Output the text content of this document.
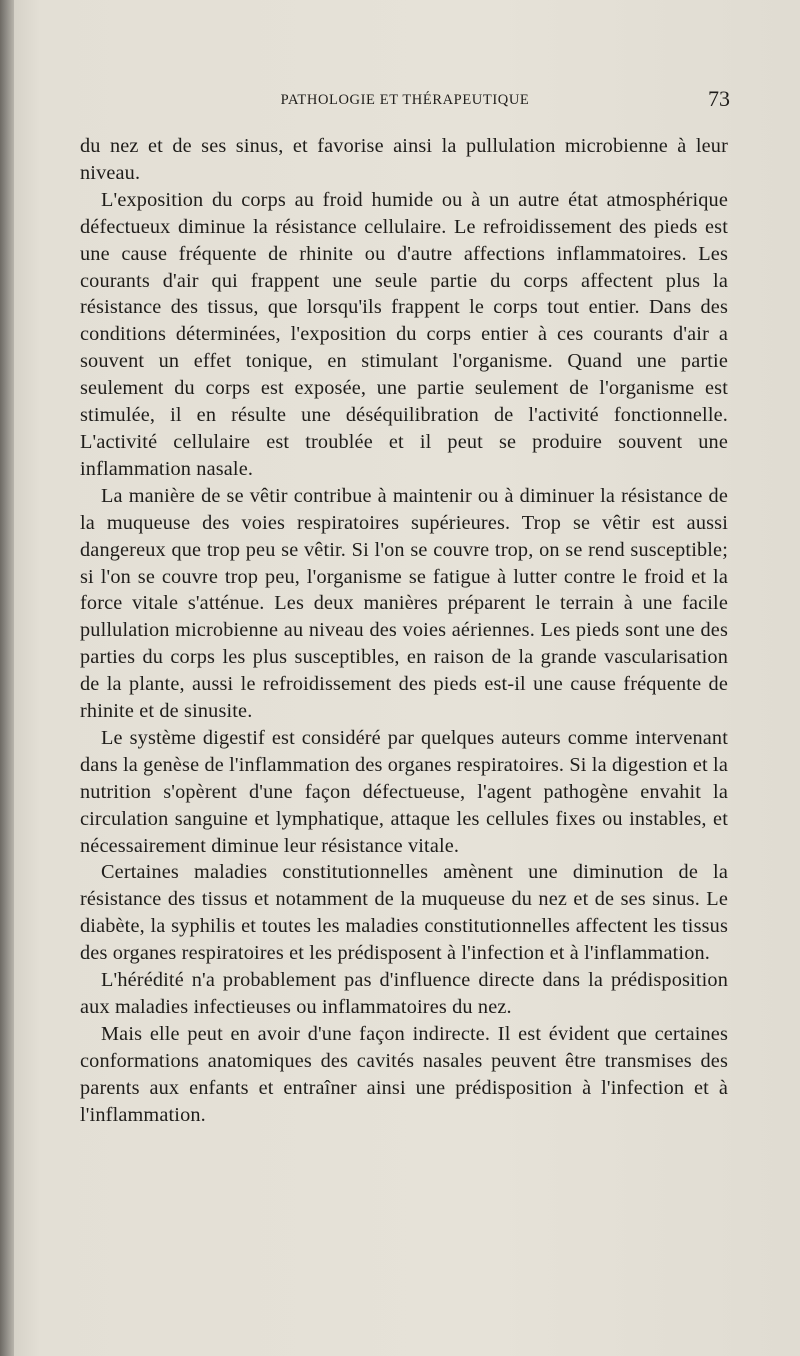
PATHOLOGIE ET THÉRAPEUTIQUE	73

du nez et de ses sinus, et favorise ainsi la pullulation microbienne à leur niveau.

L'exposition du corps au froid humide ou à un autre état atmosphérique défectueux diminue la résistance cellulaire. Le refroidissement des pieds est une cause fréquente de rhinite ou d'autre affections inflammatoires. Les courants d'air qui frappent une seule partie du corps affectent plus la résistance des tissus, que lorsqu'ils frappent le corps tout entier. Dans des conditions déterminées, l'exposition du corps entier à ces courants d'air a souvent un effet tonique, en stimulant l'organisme. Quand une partie seulement du corps est exposée, une partie seulement de l'organisme est stimulée, il en résulte une déséquilibration de l'activité fonctionnelle. L'activité cellulaire est troublée et il peut se produire souvent une inflammation nasale.

La manière de se vêtir contribue à maintenir ou à diminuer la résistance de la muqueuse des voies respiratoires supérieures. Trop se vêtir est aussi dangereux que trop peu se vêtir. Si l'on se couvre trop, on se rend susceptible; si l'on se couvre trop peu, l'organisme se fatigue à lutter contre le froid et la force vitale s'atténue. Les deux manières préparent le terrain à une facile pullulation microbienne au niveau des voies aériennes. Les pieds sont une des parties du corps les plus susceptibles, en raison de la grande vascularisation de la plante, aussi le refroidissement des pieds est-il une cause fréquente de rhinite et de sinusite.

Le système digestif est considéré par quelques auteurs comme intervenant dans la genèse de l'inflammation des organes respiratoires. Si la digestion et la nutrition s'opèrent d'une façon défectueuse, l'agent pathogène envahit la circulation sanguine et lymphatique, attaque les cellules fixes ou instables, et nécessairement diminue leur résistance vitale.

Certaines maladies constitutionnelles amènent une diminution de la résistance des tissus et notamment de la muqueuse du nez et de ses sinus. Le diabète, la syphilis et toutes les maladies constitutionnelles affectent les tissus des organes respiratoires et les prédisposent à l'infection et à l'inflammation.

L'hérédité n'a probablement pas d'influence directe dans la prédisposition aux maladies infectieuses ou inflammatoires du nez.

Mais elle peut en avoir d'une façon indirecte. Il est évident que certaines conformations anatomiques des cavités nasales peuvent être transmises des parents aux enfants et entraîner ainsi une prédisposition à l'infection et à l'inflammation.
